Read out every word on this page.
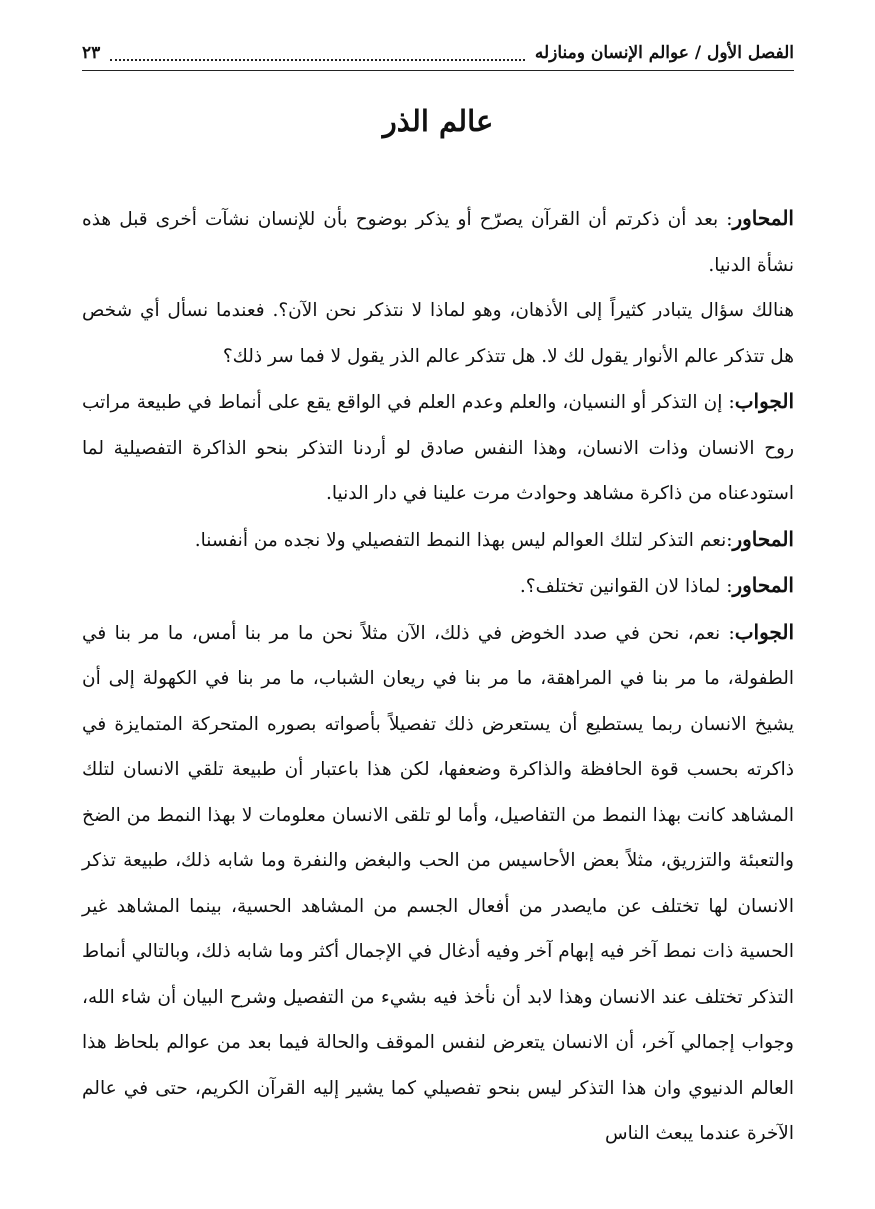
الفصل الأول / عوالم الإنسان ومنازله
٢٣
عالم الذر

المحاور: بعد أن ذكرتم أن القرآن يصرّح أو يذكر بوضوح بأن للإنسان نشآت أخرى قبل هذه نشأة الدنيا.

هنالك سؤال يتبادر كثيراً إلى الأذهان، وهو لماذا لا نتذكر نحن الآن؟. فعندما نسأل أي شخص هل تتذكر عالم الأنوار يقول لك لا. هل تتذكر عالم الذر يقول لا فما سر ذلك؟

الجواب: إن التذكر أو النسيان، والعلم وعدم العلم في الواقع يقع على أنماط في طبيعة مراتب روح الانسان وذات الانسان، وهذا النفس صادق لو أردنا التذكر بنحو الذاكرة التفصيلية لما استودعناه من ذاكرة مشاهد وحوادث مرت علينا في دار الدنيا.

المحاور:نعم التذكر لتلك العوالم ليس بهذا النمط التفصيلي ولا نجده من أنفسنا.

المحاور: لماذا لان القوانين تختلف؟.

الجواب: نعم، نحن في صدد الخوض في ذلك، الآن مثلاً نحن ما مر بنا أمس، ما مر بنا في الطفولة، ما مر بنا في المراهقة، ما مر بنا في ريعان الشباب، ما مر بنا في الكهولة إلى أن يشيخ الانسان ربما يستطيع أن يستعرض ذلك تفصيلاً بأصواته بصوره المتحركة المتمايزة في ذاكرته بحسب قوة الحافظة والذاكرة وضعفها، لكن هذا باعتبار أن طبيعة تلقي الانسان لتلك المشاهد كانت بهذا النمط من التفاصيل، وأما لو تلقى الانسان معلومات لا بهذا النمط من الضخ والتعبئة والتزريق، مثلاً بعض الأحاسيس من الحب والبغض والنفرة وما شابه ذلك، طبيعة تذكر الانسان لها تختلف عن مايصدر من أفعال الجسم من المشاهد الحسية، بينما المشاهد غير الحسية ذات نمط آخر فيه إبهام آخر وفيه أدغال في الإجمال أكثر وما شابه ذلك، وبالتالي أنماط التذكر تختلف عند الانسان وهذا لابد أن نأخذ فيه بشيء من التفصيل وشرح البيان أن شاء الله، وجواب إجمالي آخر، أن الانسان يتعرض لنفس الموقف والحالة فيما بعد من عوالم بلحاظ هذا العالم الدنيوي وان هذا التذكر ليس بنحو تفصيلي كما يشير إليه القرآن الكريم، حتى في عالم الآخرة عندما يبعث الناس
